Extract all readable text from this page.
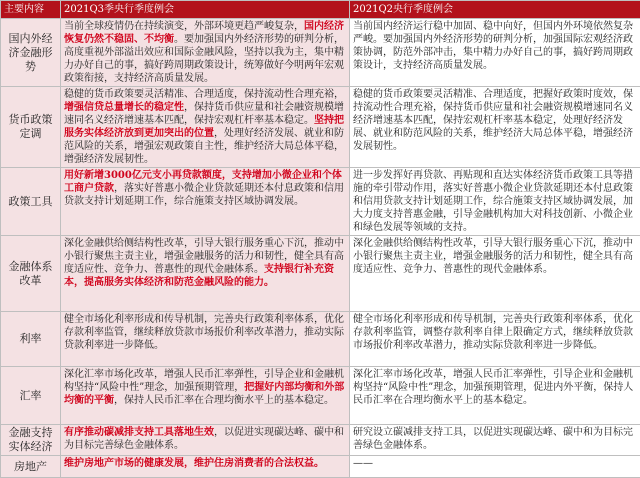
主要内容	2021Q3季央行季度例会	2021Q2央行季度例会
国内外经济金融形势	当前全球疫情仍在持续演变，外部环境更趋严峻复杂，国内经济恢复仍然不稳固、不均衡。要加强国内外经济形势的研判分析，高度重视外部溢出效应和国际金融风险，坚持以我为主，集中精力办好自己的事，搞好跨周期政策设计，统筹做好今明两年宏观政策衔接，支持经济高质量发展。	当前国内经济运行稳中加固、稳中向好，但国内外环境依然复杂严峻。要加强国内外经济形势的研判分析，加强国际宏观经济政策协调，防范外部冲击，集中精力办好自己的事，搞好跨周期政策设计，支持经济高质量发展。
货币政策定调	稳健的货币政策要灵活精准、合理适度，保持流动性合理充裕，增强信贷总量增长的稳定性，保持货币供应量和社会融资规模增速同名义经济增速基本匹配，保持宏观杠杆率基本稳定。坚持把服务实体经济放到更加突出的位置，处理好经济发展、就业和防范风险的关系，增强宏观政策自主性，维护经济大局总体平稳，增强经济发展韧性。	稳健的货币政策要灵活精准、合理适度，把握好政策时度效，保持流动性合理充裕，保持货币供应量和社会融资规模增速同名义经济增速基本匹配，保持宏观杠杆率基本稳定，处理好经济发展、就业和防范风险的关系，维护经济大局总体平稳，增强经济发展韧性。
政策工具	用好新增3000亿元支小再贷款额度，支持增加小微企业和个体工商户贷款，落实好普惠小微企业贷款延期还本付息政策和信用贷款支持计划延期工作，综合施策支持区域协调发展。	进一步发挥好再贷款、再贴现和直达实体经济货币政策工具等措施的牵引带动作用，落实好普惠小微企业贷款延期还本付息政策和信用贷款支持计划延期工作，综合施策支持区域协调发展，加大力度支持普惠金融，引导金融机构加大对科技创新、小微企业和绿色发展等领域的支持。
金融体系改革	深化金融供给侧结构性改革，引导大银行服务重心下沉，推动中小银行聚焦主责主业，增强金融服务的活力和韧性，健全具有高度适应性、竞争力、普惠性的现代金融体系。支持银行补充资本，提高服务实体经济和防范金融风险的能力。	深化金融供给侧结构性改革，引导大银行服务重心下沉，推动中小银行聚焦主责主业，增强金融服务的活力和韧性，健全具有高度适应性、竞争力、普惠性的现代金融体系。
利率	健全市场化利率形成和传导机制，完善央行政策利率体系，优化存款利率监管，继续释放贷款市场报价利率改革潜力，推动实际贷款利率进一步降低。	健全市场化利率形成和传导机制，完善央行政策利率体系，优化存款利率监管，调整存款利率自律上限确定方式，继续释放贷款市场报价利率改革潜力，推动实际贷款利率进一步降低。
汇率	深化汇率市场化改革，增强人民币汇率弹性，引导企业和金融机构坚持“风险中性”理念，加强预期管理，把握好内部均衡和外部均衡的平衡，保持人民币汇率在合理均衡水平上的基本稳定。	深化汇率市场化改革，增强人民币汇率弹性，引导企业和金融机构坚持“风险中性”理念，加强预期管理，促进内外平衡，保持人民币汇率在合理均衡水平上的基本稳定。
金融支持实体经济	有序推动碳减排支持工具落地生效，以促进实现碳达峰、碳中和为目标完善绿色金融体系。	研究设立碳减排支持工具，以促进实现碳达峰、碳中和为目标完善绿色金融体系。
房地产	维护房地产市场的健康发展，维护住房消费者的合法权益。	——
